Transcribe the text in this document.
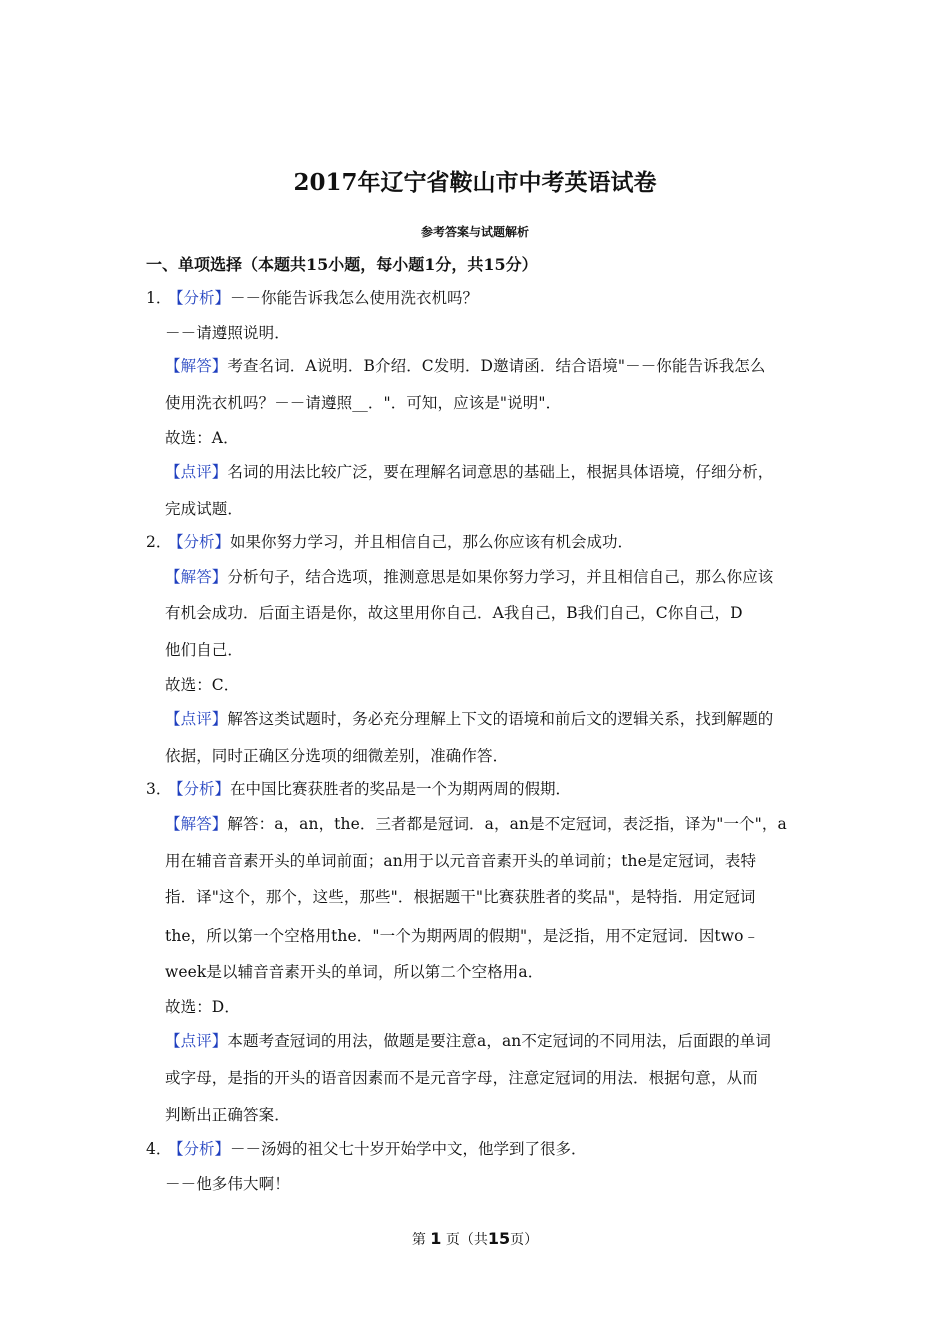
2017年辽宁省鞍山市中考英语试卷
参考答案与试题解析
一、单项选择（本题共15小题，每小题1分，共15分）
1．【分析】－－你能告诉我怎么使用洗衣机吗？
－－请遵照说明．
【解答】考查名词．A说明．B介绍．C发明．D邀请函．结合语境"－－你能告诉我怎么
使用洗衣机吗？－－请遵照__．"．可知，应该是"说明"．
故选：A．
【点评】名词的用法比较广泛，要在理解名词意思的基础上，根据具体语境，仔细分析，
完成试题．
2．【分析】如果你努力学习，并且相信自己，那么你应该有机会成功．
【解答】分析句子，结合选项，推测意思是如果你努力学习，并且相信自己，那么你应该
有机会成功．后面主语是你，故这里用你自己．A我自己，B我们自己，C你自己，D
他们自己．
故选：C．
【点评】解答这类试题时，务必充分理解上下文的语境和前后文的逻辑关系，找到解题的
依据，同时正确区分选项的细微差别，准确作答．
3．【分析】在中国比赛获胜者的奖品是一个为期两周的假期．
【解答】解答：a，an，the．三者都是冠词．a，an是不定冠词，表泛指，译为"一个"，a
用在辅音音素开头的单词前面；an用于以元音音素开头的单词前；the是定冠词，表特
指．译"这个，那个，这些，那些"．根据题干"比赛获胜者的奖品"，是特指．用定冠词
the，所以第一个空格用the．"一个为期两周的假期"，是泛指，用不定冠词．因two﹣
week是以辅音音素开头的单词，所以第二个空格用a．
故选：D．
【点评】本题考查冠词的用法，做题是要注意a，an不定冠词的不同用法，后面跟的单词
或字母，是指的开头的语音因素而不是元音字母，注意定冠词的用法．根据句意，从而
判断出正确答案．
4．【分析】－－汤姆的祖父七十岁开始学中文，他学到了很多．
－－他多伟大啊！
第 1 页（共15页）
